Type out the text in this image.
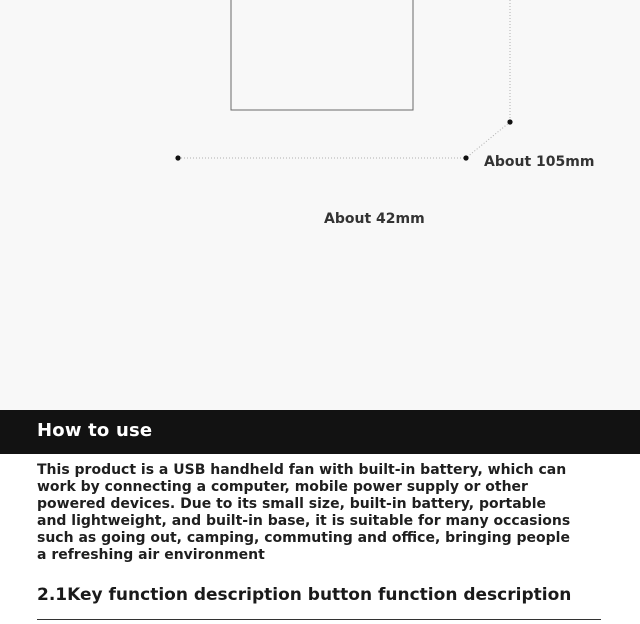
About 105mm
About 42mm
How to use

This product is a USB handheld fan with built-in battery, which can work by connecting a computer, mobile power supply or other powered devices. Due to its small size, built-in battery, portable and lightweight, and built-in base, it is suitable for many occasions such as going out, camping, commuting and office, bringing people a refreshing air environment

2.1Key function description button function description
